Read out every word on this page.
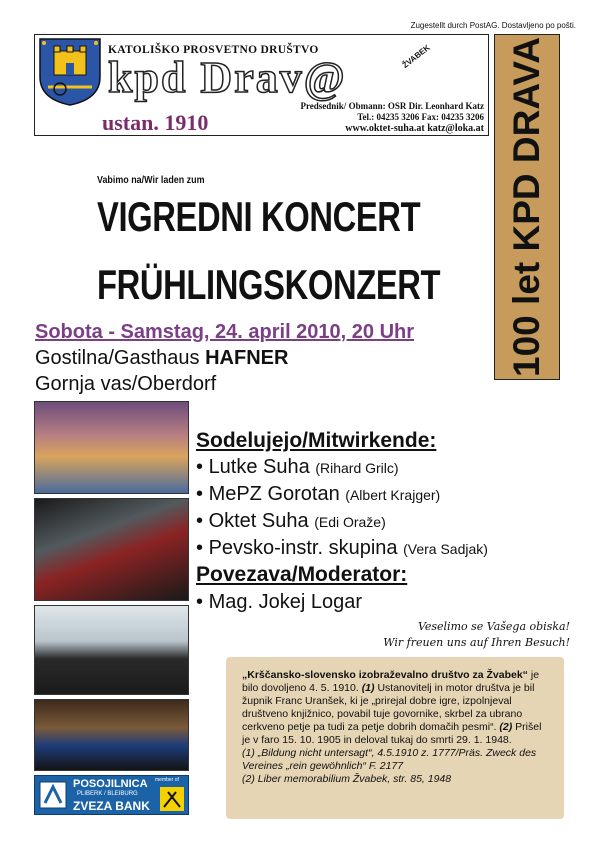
Zugestellt durch PostAG. Dostavljeno po pošti.
KATOLIŠKO PROSVETNO DRUŠTVO
kpd Drav@	ŽVABEK
ustan. 1910
Predsednik/ Obmann: OSR Dir. Leonhard Katz
Tel.: 04235 3206 Fax: 04235 3206
www.oktet-suha.at katz@loka.at 100 let KPD DRAVA
Vabimo na/Wir laden zum
VIGREDNI KONCERT
FRÜHLINGSKONZERT
Sobota - Samstag, 24. april 2010, 20 Uhr
Gostilna/Gasthaus HAFNER
Gornja vas/Oberdorf
Sodelujejo/Mitwirkende:
• Lutke Suha (Rihard Grilc)
• MePZ Gorotan (Albert Krajger)
• Oktet Suha (Edi Oraže)
• Pevsko-instr. skupina (Vera Sadjak)
Povezava/Moderator:
• Mag. Jokej Logar
Veselimo se Vašega obiska!
Wir freuen uns auf Ihren Besuch!
„Krščansko-slovensko izobraževalno društvo za Žvabek“ je bilo dovoljeno 4. 5. 1910. (1) Ustanovitelj in motor društva je bil župnik Franc Uranšek, ki je „prirejal dobre igre, izpolnjeval društveno knjižnico, povabil tuje govornike, skrbel za ubrano cerkveno petje pa tudi za petje dobrih domačih pesmi“. (2) Prišel je v faro 15. 10. 1905 in deloval tukaj do smrti 29. 1. 1948.
(1) „Bildung nicht untersagt“, 4.5.1910 z. 1777/Präs. Zweck des Vereines „rein gewöhnlich“ F. 2177
(2) Liber memorabilium Žvabek, str. 85, 1948
POSOJILNICA
PLIBERK / BLEIBURG
ZVEZA BANK
member of
